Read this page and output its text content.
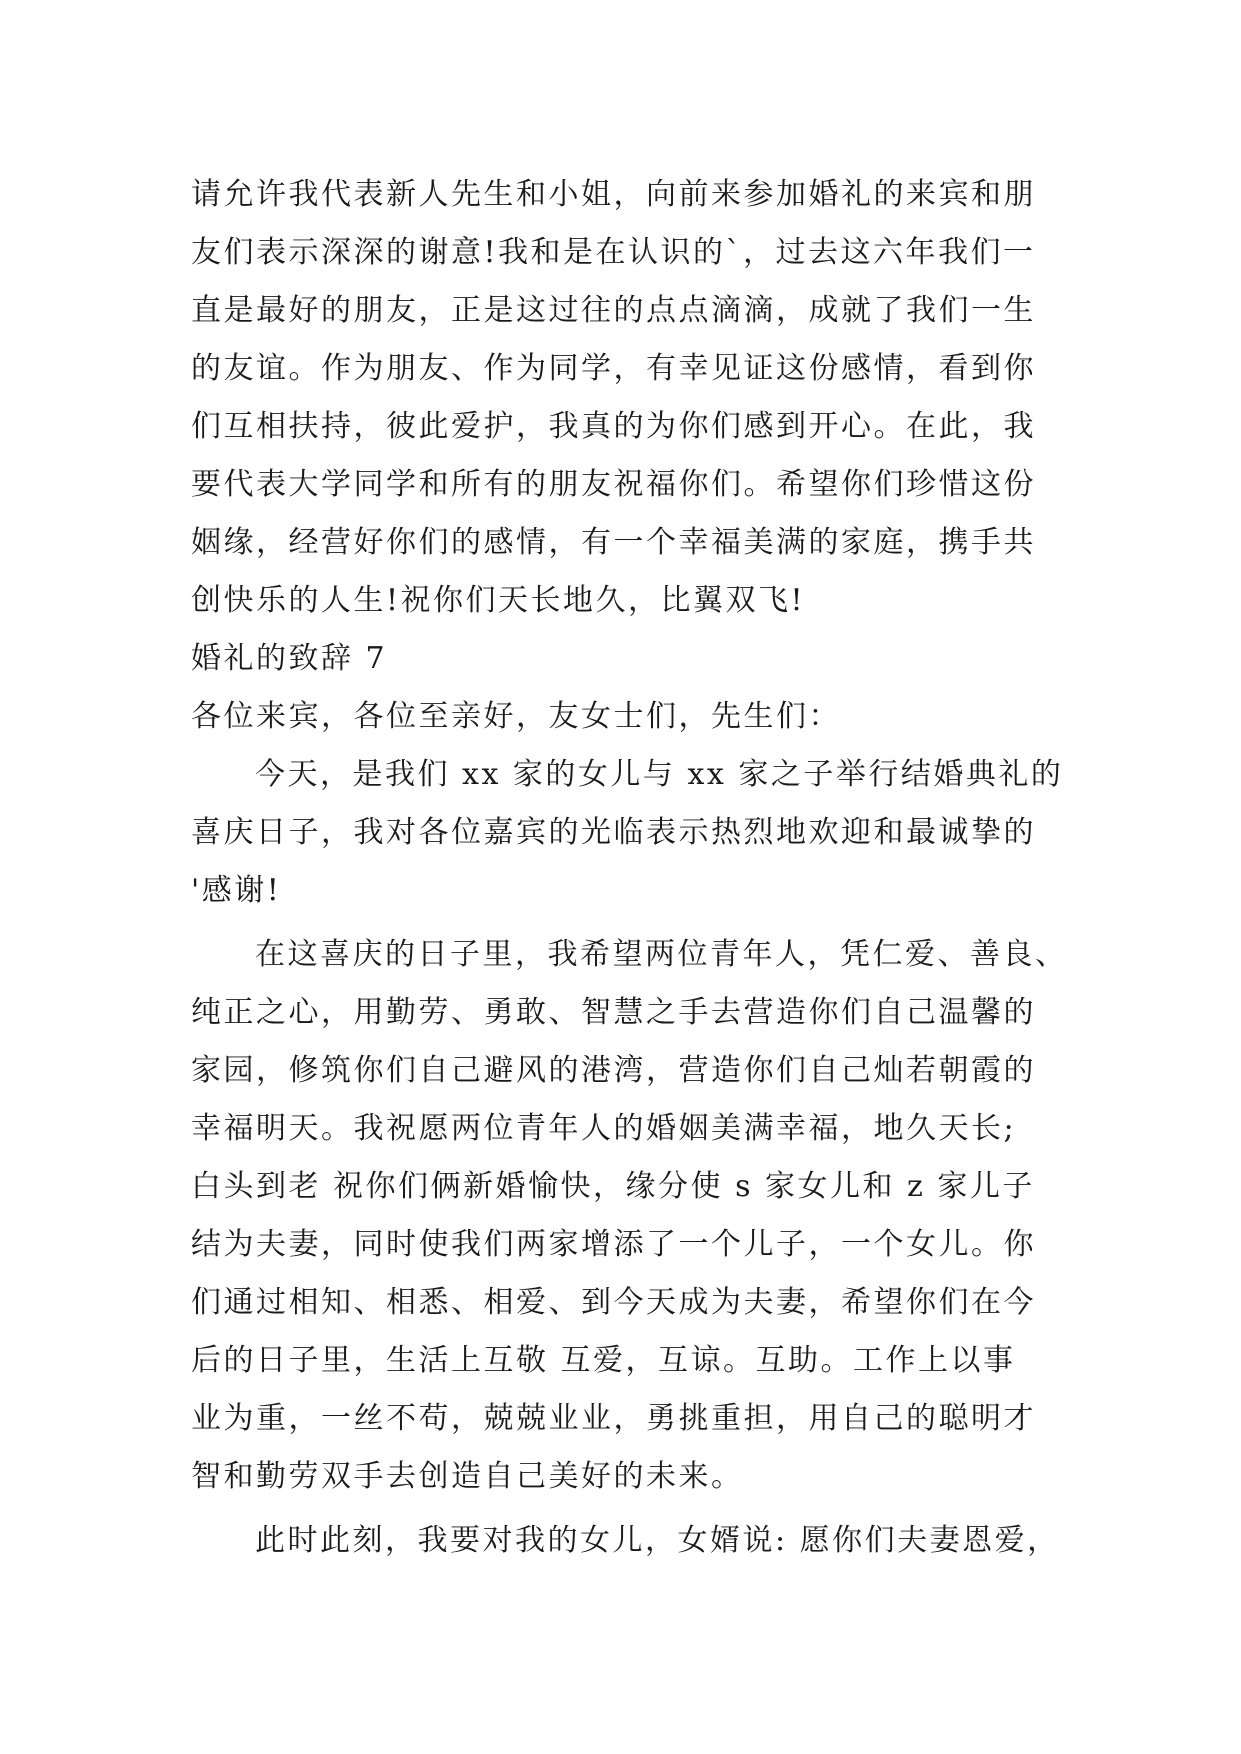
请允许我代表新人先生和小姐，向前来参加婚礼的来宾和朋

友们表示深深的谢意!我和是在认识的`，过去这六年我们一

直是最好的朋友，正是这过往的点点滴滴，成就了我们一生

的友谊。作为朋友、作为同学，有幸见证这份感情，看到你

们互相扶持，彼此爱护，我真的为你们感到开心。在此，我

要代表大学同学和所有的朋友祝福你们。希望你们珍惜这份

姻缘，经营好你们的感情，有一个幸福美满的家庭，携手共

创快乐的人生!祝你们天长地久，比翼双飞!

婚礼的致辞 7

各位来宾，各位至亲好，友女士们，先生们：

今天，是我们 xx 家的女儿与 xx 家之子举行结婚典礼的

喜庆日子，我对各位嘉宾的光临表示热烈地欢迎和最诚挚的

'感谢!

在这喜庆的日子里，我希望两位青年人，凭仁爱、善良、

纯正之心，用勤劳、勇敢、智慧之手去营造你们自己温馨的

家园，修筑你们自己避风的港湾，营造你们自己灿若朝霞的

幸福明天。我祝愿两位青年人的婚姻美满幸福，地久天长;

白头到老 祝你们俩新婚愉快，缘分使 s 家女儿和 z 家儿子

结为夫妻，同时使我们两家增添了一个儿子，一个女儿。你

们通过相知、相悉、相爱、到今天成为夫妻，希望你们在今

后的日子里，生活上互敬 互爱，互谅。互助。工作上以事

业为重，一丝不苟，兢兢业业，勇挑重担，用自己的聪明才

智和勤劳双手去创造自己美好的未来。

此时此刻，我要对我的女儿，女婿说: 愿你们夫妻恩爱，
